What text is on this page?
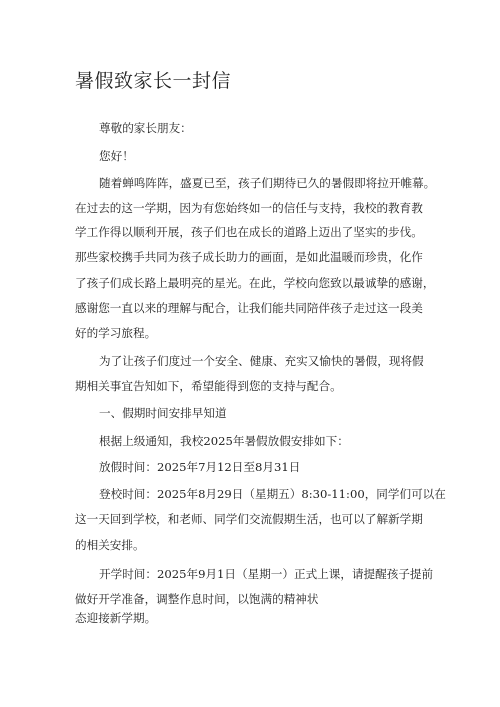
暑假致家长一封信
尊敬的家长朋友：
您好！
随着蝉鸣阵阵，盛夏已至，孩子们期待已久的暑假即将拉开帷幕。
在过去的这一学期，因为有您始终如一的信任与支持，我校的教育教
学工作得以顺利开展，孩子们也在成长的道路上迈出了坚实的步伐。
那些家校携手共同为孩子成长助力的画面，是如此温暖而珍贵，化作
了孩子们成长路上最明亮的星光。在此，学校向您致以最诚挚的感谢，
感谢您一直以来的理解与配合，让我们能共同陪伴孩子走过这一段美
好的学习旅程。
为了让孩子们度过一个安全、健康、充实又愉快的暑假，现将假
期相关事宜告知如下，希望能得到您的支持与配合。
一、假期时间安排早知道
根据上级通知，我校2025年暑假放假安排如下：
放假时间：2025年7月12日至8月31日
登校时间：2025年8月29日（星期五）8:30-11:00，同学们可以在
这一天回到学校，和老师、同学们交流假期生活，也可以了解新学期
的相关安排。
开学时间：2025年9月1日（星期一）正式上课，请提醒孩子提前
做好开学准备，调整作息时间，以饱满的精神状
态迎接新学期。
